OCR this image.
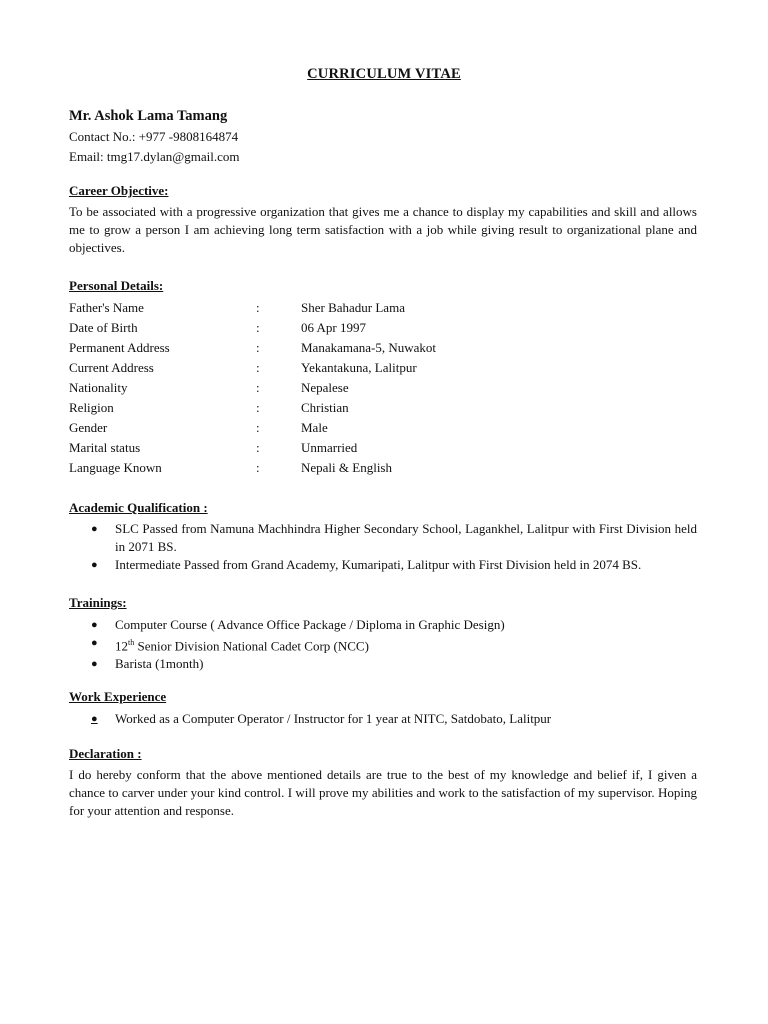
CURRICULUM VITAE
Mr. Ashok Lama Tamang
Contact No.: +977 -9808164874
Email: tmg17.dylan@gmail.com
Career Objective:
To be associated with a progressive organization that gives me a chance to display my capabilities and skill and allows me to grow a person I am achieving long term satisfaction with a job while giving result to organizational plane and objectives.
Personal Details:
Father's Name	:	Sher Bahadur Lama
Date of Birth	:	06 Apr 1997
Permanent Address	:	Manakamana-5, Nuwakot
Current Address	:	Yekantakuna, Lalitpur
Nationality	:	Nepalese
Religion	:	Christian
Gender	:	Male
Marital status	:	Unmarried
Language Known	:	Nepali & English
Academic Qualification :
● SLC Passed from Namuna Machhindra Higher Secondary School, Lagankhel, Lalitpur with First Division held in 2071 BS.
● Intermediate Passed from Grand Academy, Kumaripati, Lalitpur with First Division held in 2074 BS.
Trainings:
● Computer Course ( Advance Office Package / Diploma in Graphic Design)
● 12th Senior Division National Cadet Corp (NCC)
● Barista (1month)
Work Experience
● Worked as a Computer Operator / Instructor for 1 year at NITC, Satdobato, Lalitpur
Declaration :
I do hereby conform that the above mentioned details are true to the best of my knowledge and belief if, I given a chance to carver under your kind control. I will prove my abilities and work to the satisfaction of my supervisor. Hoping for your attention and response.
